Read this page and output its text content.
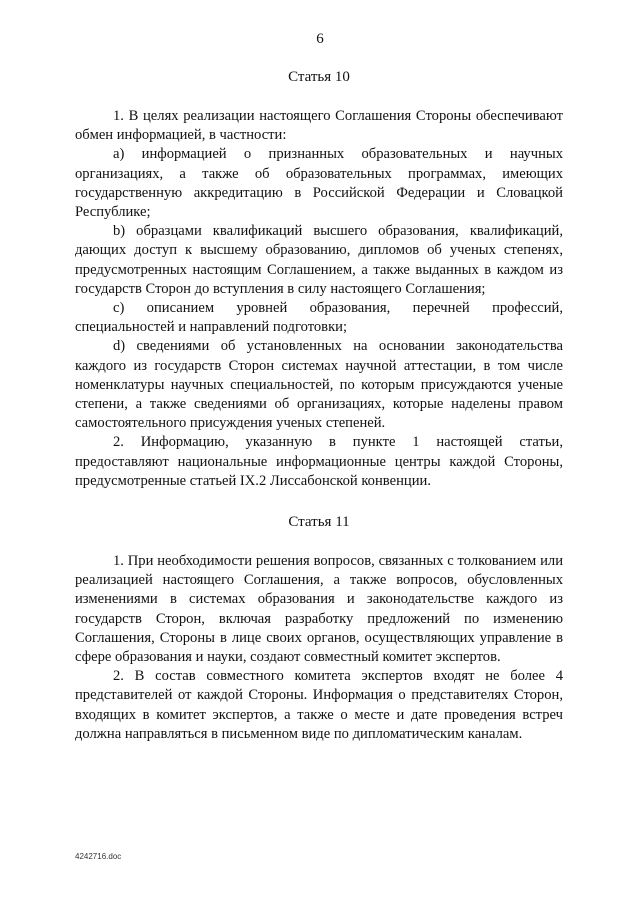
6

Статья 10

1. В целях реализации настоящего Соглашения Стороны обеспечивают обмен информацией, в частности:

a) информацией о признанных образовательных и научных организациях, а также об образовательных программах, имеющих государственную аккредитацию в Российской Федерации и Словацкой Республике;

b) образцами квалификаций высшего образования, квалификаций, дающих доступ к высшему образованию, дипломов об ученых степенях, предусмотренных настоящим Соглашением, а также выданных в каждом из государств Сторон до вступления в силу настоящего Соглашения;

c) описанием уровней образования, перечней профессий, специальностей и направлений подготовки;

d) сведениями об установленных на основании законодательства каждого из государств Сторон системах научной аттестации, в том числе номенклатуры научных специальностей, по которым присуждаются ученые степени, а также сведениями об организациях, которые наделены правом самостоятельного присуждения ученых степеней.

2. Информацию, указанную в пункте 1 настоящей статьи, предоставляют национальные информационные центры каждой Стороны, предусмотренные статьей IX.2 Лиссабонской конвенции.

Статья 11

1. При необходимости решения вопросов, связанных с толкованием или реализацией настоящего Соглашения, а также вопросов, обусловленных изменениями в системах образования и законодательстве каждого из государств Сторон, включая разработку предложений по изменению Соглашения, Стороны в лице своих органов, осуществляющих управление в сфере образования и науки, создают совместный комитет экспертов.

2. В состав совместного комитета экспертов входят не более 4 представителей от каждой Стороны. Информация о представителях Сторон, входящих в комитет экспертов, а также о месте и дате проведения встреч должна направляться в письменном виде по дипломатическим каналам.

4242716.doc
